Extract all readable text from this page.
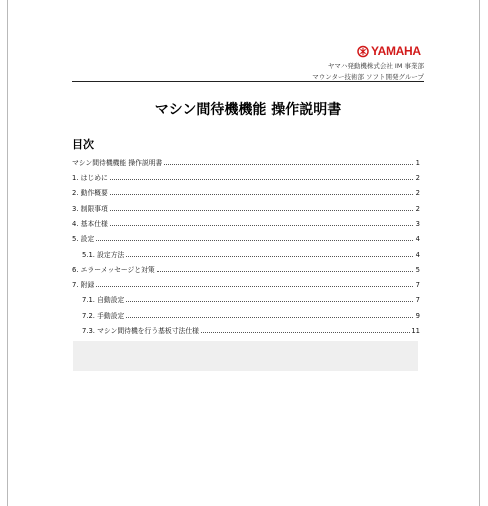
YAMAHA
ヤマハ発動機株式会社 IM 事業部
マウンター技術部 ソフト開発グループ
マシン間待機機能 操作説明書
目次
マシン間待機機能 操作説明書	1
1. はじめに	2
2. 動作概要	2
3. 制限事項	2
4. 基本仕様	3
5. 設定	4
5.1. 設定方法	4
6. エラーメッセージと対策	5
7. 附録	7
7.1. 自動設定	7
7.2. 手動設定	9
7.3. マシン間待機を行う基板寸法仕様	11
